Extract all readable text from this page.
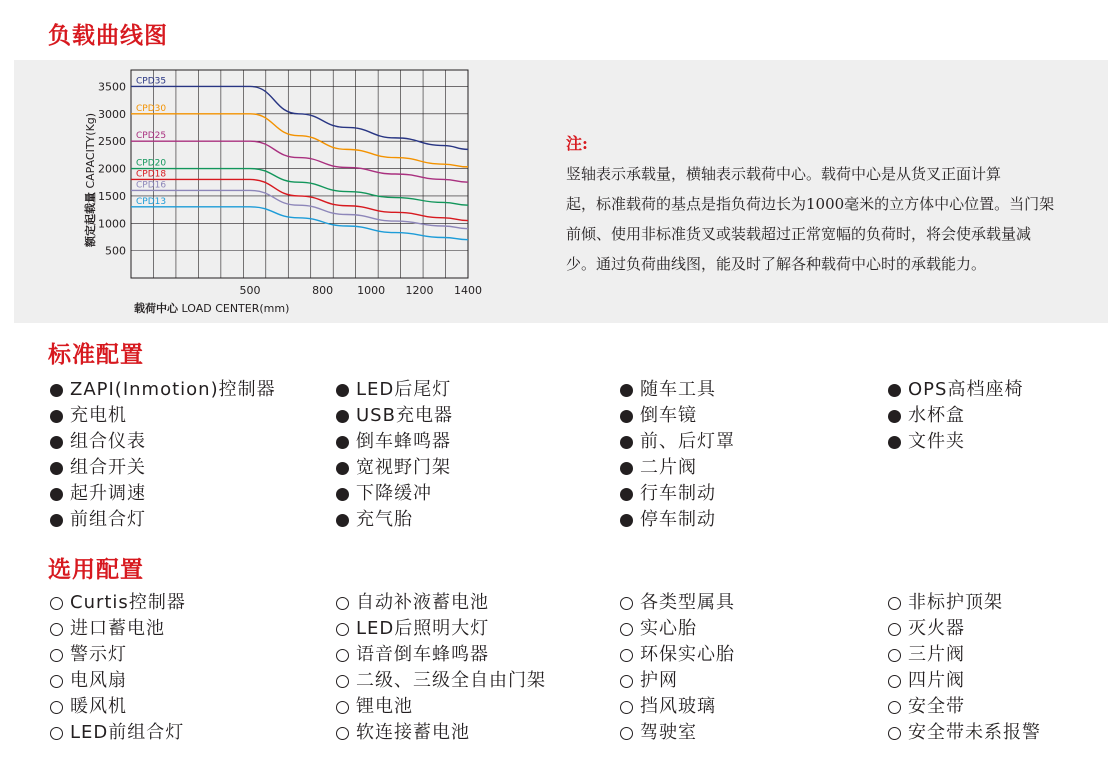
负载曲线图
3500
3000
2500
2000
1500
1000
500
500	800 1000 1200 1400
CPD35
CPD30
CPD25
CPD20
CPD18
CPD16
CPD13
额定起载量 CAPACITY(Kg)
载荷中心 LOAD CENTER(mm)
注:
竖轴表示承载量，横轴表示载荷中心。载荷中心是从货叉正面计算
起，标准载荷的基点是指负荷边长为1000毫米的立方体中心位置。当门架
前倾、使用非标准货叉或装载超过正常宽幅的负荷时，将会使承载量减
少。通过负荷曲线图，能及时了解各种载荷中心时的承载能力。
标准配置
ZAPI(Inmotion)控制器
充电机
组合仪表
组合开关
起升调速
前组合灯
LED后尾灯
USB充电器
倒车蜂鸣器
宽视野门架
下降缓冲
充气胎
随车工具
倒车镜
前、后灯罩
二片阀
行车制动
停车制动
OPS高档座椅
水杯盒
文件夹
选用配置
Curtis控制器
进口蓄电池
警示灯
电风扇
暖风机
LED前组合灯
自动补液蓄电池
LED后照明大灯
语音倒车蜂鸣器
二级、三级全自由门架
锂电池
软连接蓄电池
各类型属具
实心胎
环保实心胎
护网
挡风玻璃
驾驶室
非标护顶架
灭火器
三片阀
四片阀
安全带
安全带未系报警
